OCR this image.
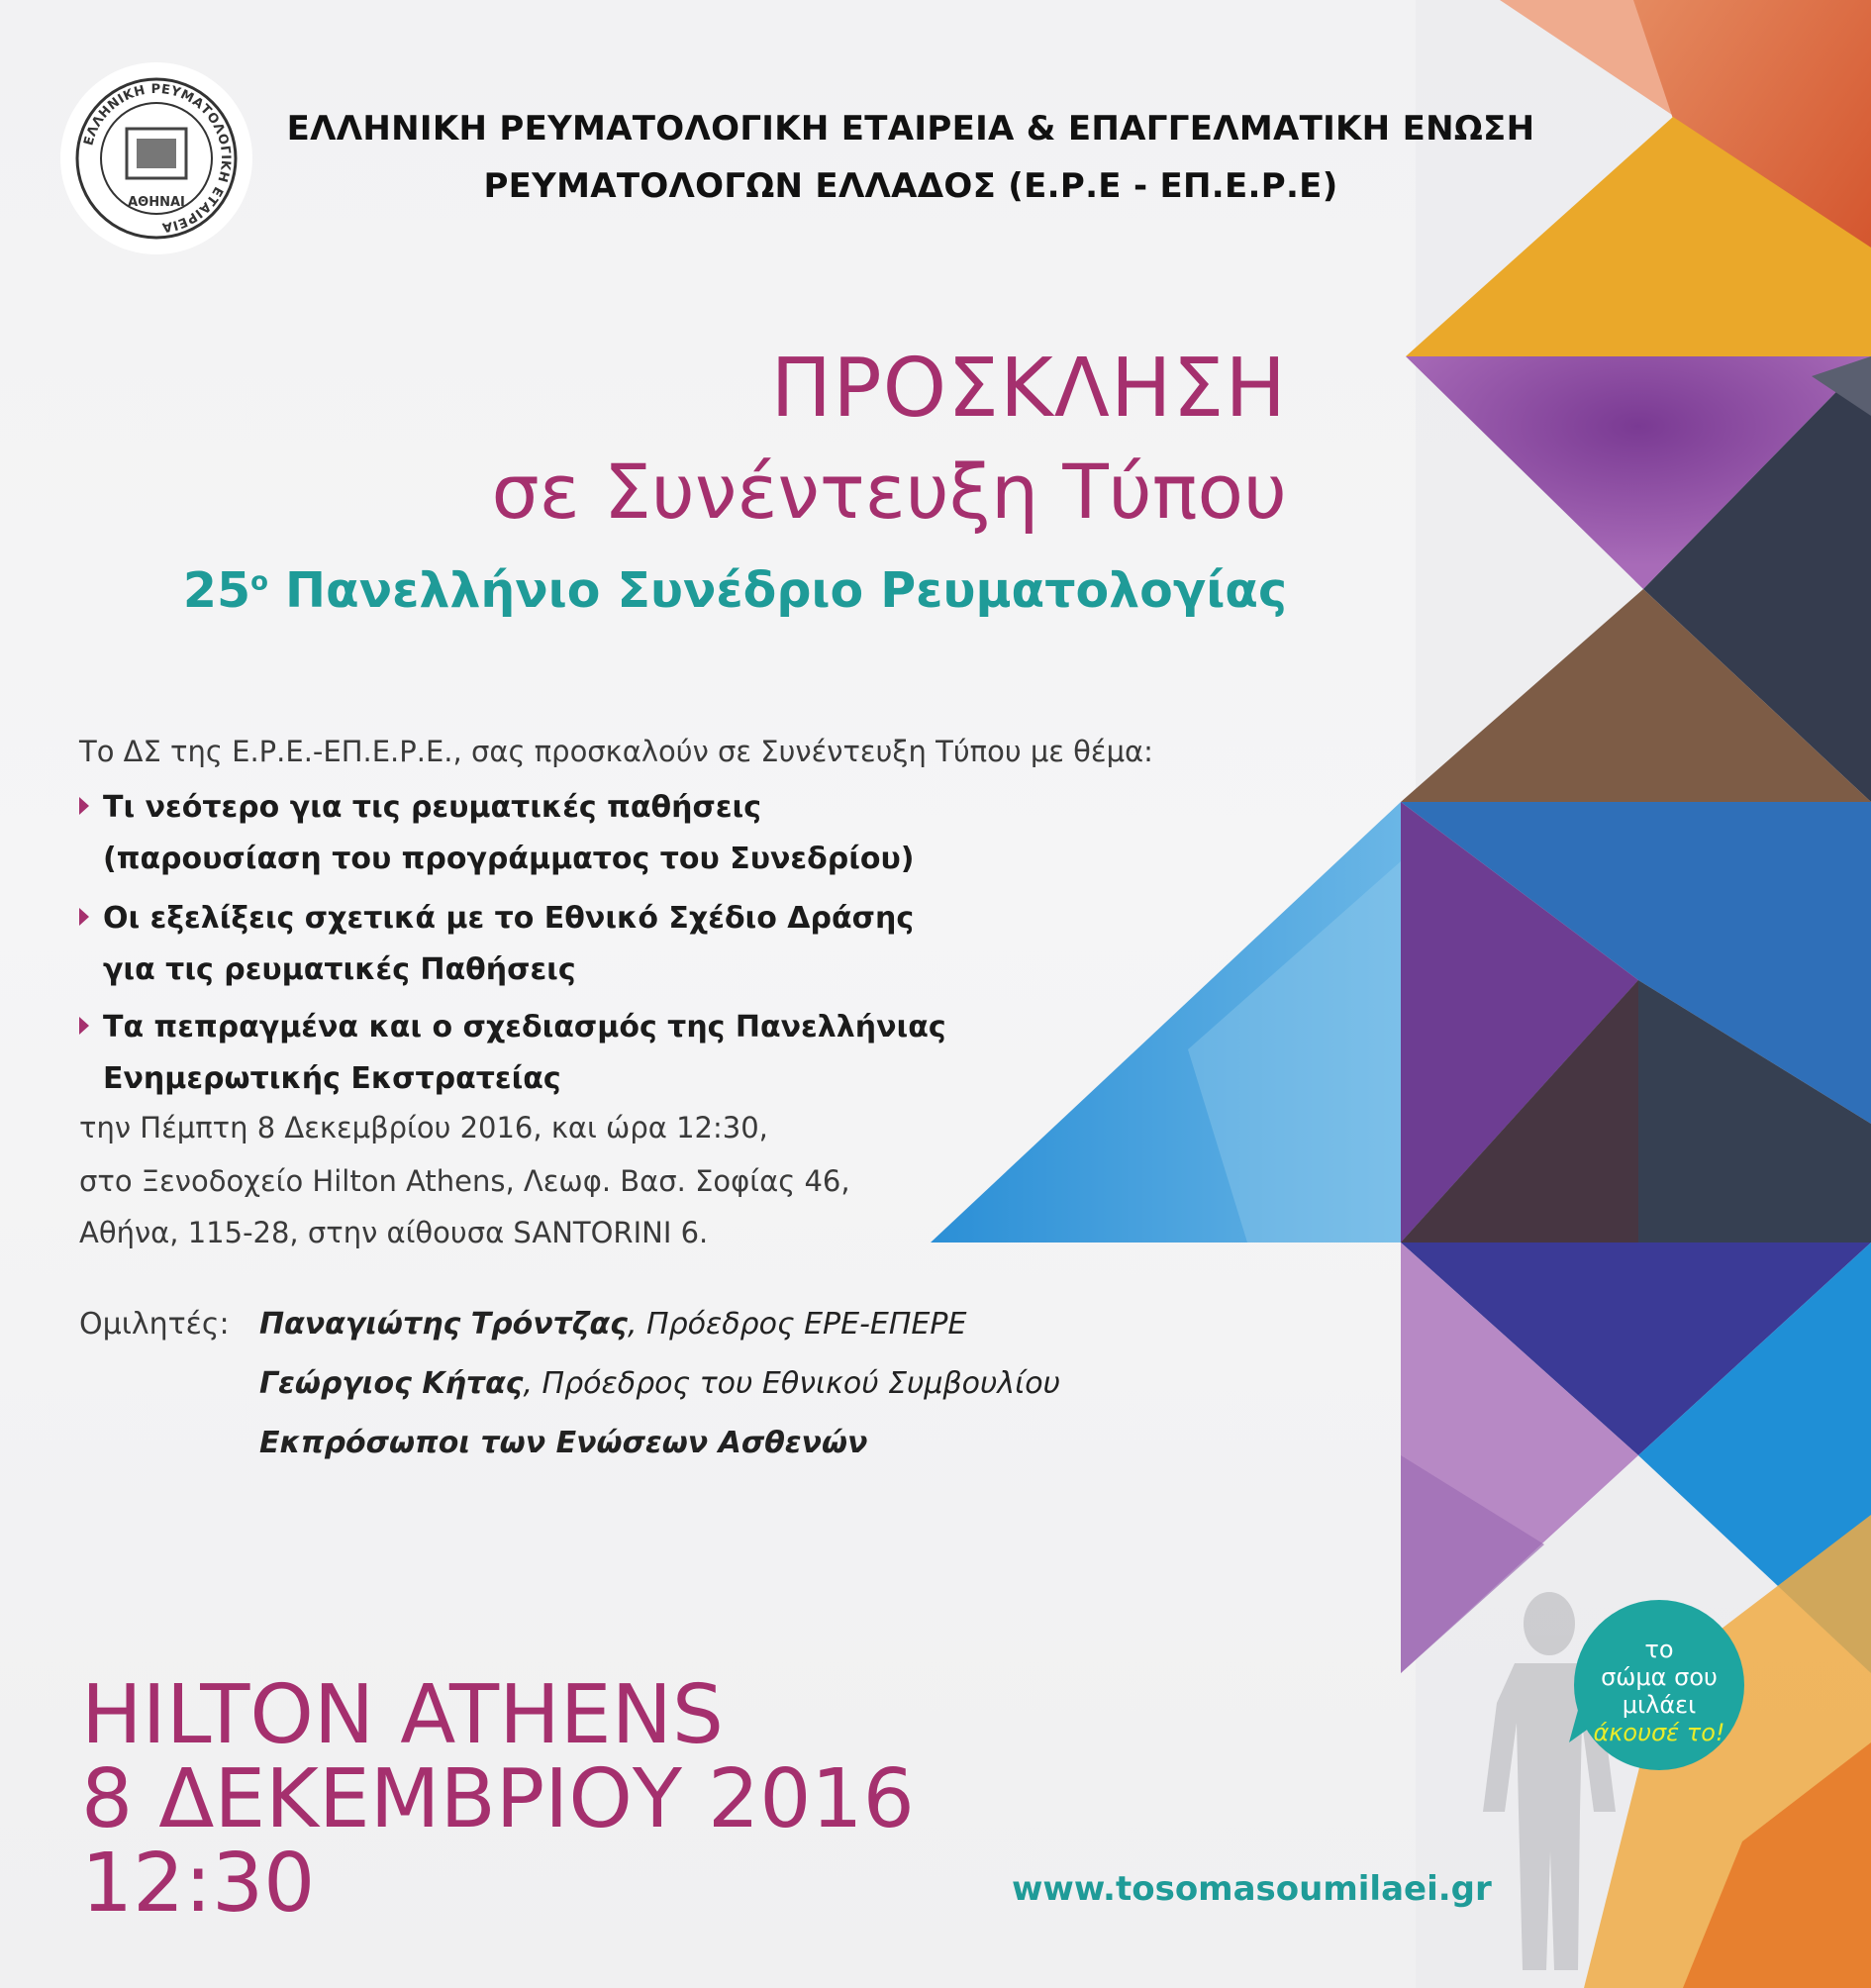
ΕΛΛΗΝΙΚΗ ΡΕΥΜΑΤΟΛΟΓΙΚΗ ΕΤΑΙΡΕΙΑ
ΑΘΗΝΑΙ
ΕΛΛΗΝΙΚΗ ΡΕΥΜΑΤΟΛΟΓΙΚΗ ΕΤΑΙΡΕΙΑ & ΕΠΑΓΓΕΛΜΑΤΙΚΗ ΕΝΩΣΗ
ΡΕΥΜΑΤΟΛΟΓΩΝ ΕΛΛΑΔΟΣ (Ε.Ρ.Ε - ΕΠ.Ε.Ρ.Ε)
ΠΡΟΣΚΛΗΣΗ
σε Συνέντευξη Τύπου
$25^o$ Πανελλήνιο Συνέδριο Ρευματολογίας
Το ΔΣ της Ε.Ρ.Ε.-ΕΠ.Ε.Ρ.Ε., σας προσκαλούν σε Συνέντευξη Τύπου με θέμα:
Τι νεότερο για τις ρευματικές παθήσεις
(παρουσίαση του προγράμματος του Συνεδρίου)
Οι εξελίξεις σχετικά με το Εθνικό Σχέδιο Δράσης
για τις ρευματικές Παθήσεις
Τα πεπραγμένα και ο σχεδιασμός της Πανελλήνιας
Ενημερωτικής Εκστρατείας
την Πέμπτη 8 Δεκεμβρίου 2016, και ώρα 12:30,
στο Ξενοδοχείο Hilton Athens, Λεωφ. Βασ. Σοφίας 46,
Αθήνα, 115-28, στην αίθουσα SANTORINI 6.
Ομιλητές: Παναγιώτης Τρόντζας, Πρόεδρος ΕΡΕ-ΕΠΕΡΕ
Γεώργιος Κήτας, Πρόεδρος του Εθνικού Συμβουλίου
Εκπρόσωποι των Ενώσεων Ασθενών
HILTON ATHENS
8 ΔΕΚΕΜΒΡΙΟΥ 2016
12:30
το
σώμα σου
μιλάει
άκουσέ το!
www.tosomasoumilaei.gr
